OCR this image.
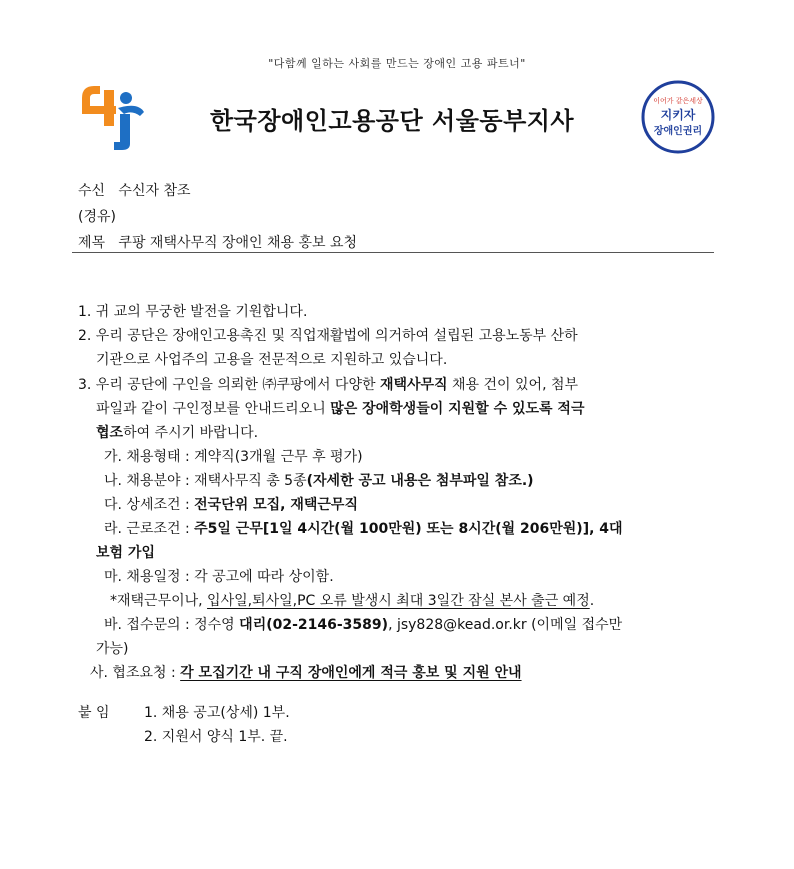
"다함께 일하는 사회를 만드는 장애인 고용 파트너"
한국장애인고용공단 서울동부지사
이어가 같은세상
지키자
장애인권리
수신 수신자 참조
(경유)
제목 쿠팡 재택사무직 장애인 채용 홍보 요청
1. 귀 교의 무궁한 발전을 기원합니다.
2. 우리 공단은 장애인고용촉진 및 직업재활법에 의거하여 설립된 고용노동부 산하
기관으로 사업주의 고용을 전문적으로 지원하고 있습니다.
3. 우리 공단에 구인을 의뢰한 ㈜쿠팡에서 다양한 재택사무직 채용 건이 있어, 첨부
파일과 같이 구인정보를 안내드리오니 많은 장애학생들이 지원할 수 있도록 적극
협조하여 주시기 바랍니다.
가. 채용형태 : 계약직(3개월 근무 후 평가)
나. 채용분야 : 재택사무직 총 5종(자세한 공고 내용은 첨부파일 참조.)
다. 상세조건 : 전국단위 모집, 재택근무직
라. 근로조건 : 주5일 근무[1일 4시간(월 100만원) 또는 8시간(월 206만원)], 4대
보험 가입
마. 채용일정 : 각 공고에 따라 상이함.
*재택근무이나, 입사일,퇴사일,PC 오류 발생시 최대 3일간 잠실 본사 출근 예정.
바. 접수문의 : 정수영 대리(02-2146-3589), jsy828@kead.or.kr (이메일 접수만
가능)
사. 협조요청 : 각 모집기간 내 구직 장애인에게 적극 홍보 및 지원 안내
붙 임 1. 채용 공고(상세) 1부.
2. 지원서 양식 1부. 끝.
